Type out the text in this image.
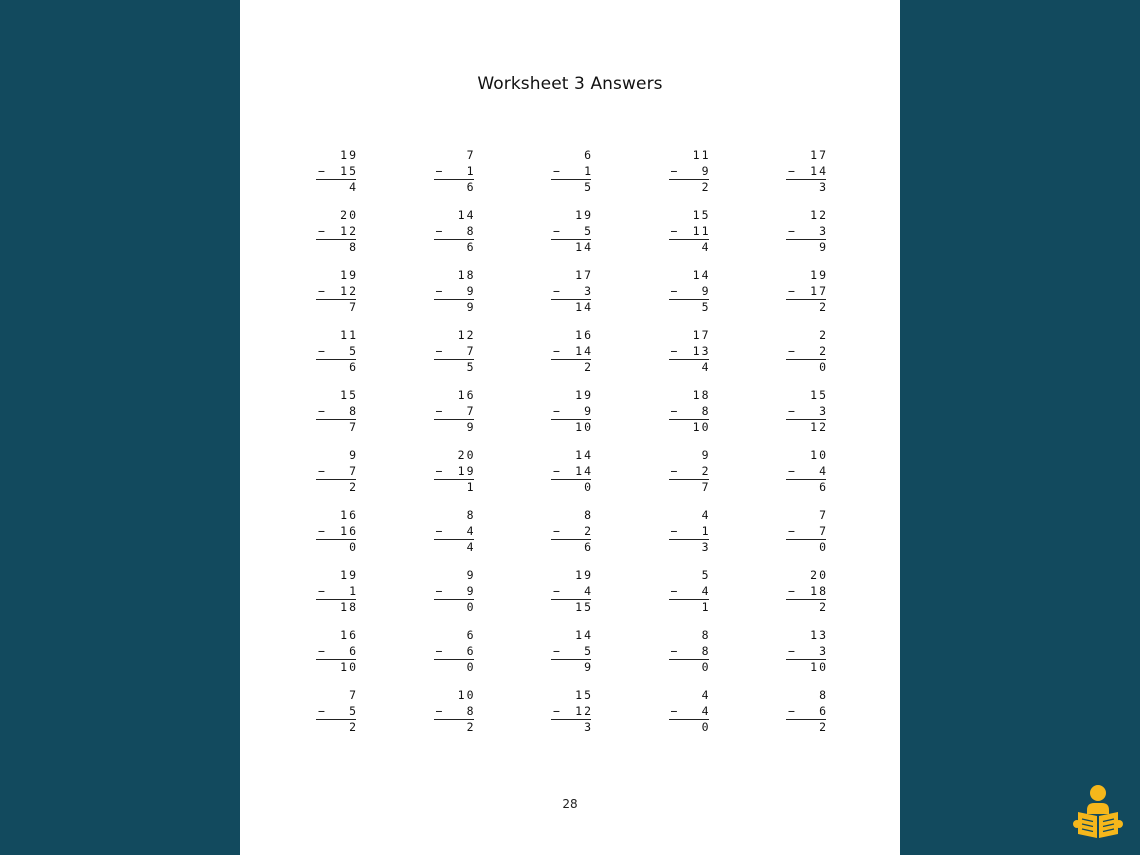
Worksheet 3 Answers
19
−	15
4
7
−	1
6
6
−	1
5
11
−	9
2
17
−	14
3
20
−	12
8
14
−	8
6
19
−	5
14
15
−	11
4
12
−	3
9
19
−	12
7
18
−	9
9
17
−	3
14
14
−	9
5
19
−	17
2
11
−	5
6
12
−	7
5
16
−	14
2
17
−	13
4
2
−	2
0
15
−	8
7
16
−	7
9
19
−	9
10
18
−	8
10
15
−	3
12
9
−	7
2
20
−	19
1
14
−	14
0
9
−	2
7
10
−	4
6
16
−	16
0
8
−	4
4
8
−	2
6
4
−	1
3
7
−	7
0
19
−	1
18
9
−	9
0
19
−	4
15
5
−	4
1
20
−	18
2
16
−	6
10
6
−	6
0
14
−	5
9
8
−	8
0
13
−	3
10
7
−	5
2
10
−	8
2
15
−	12
3
4
−	4
0
8
−	6
2
28
